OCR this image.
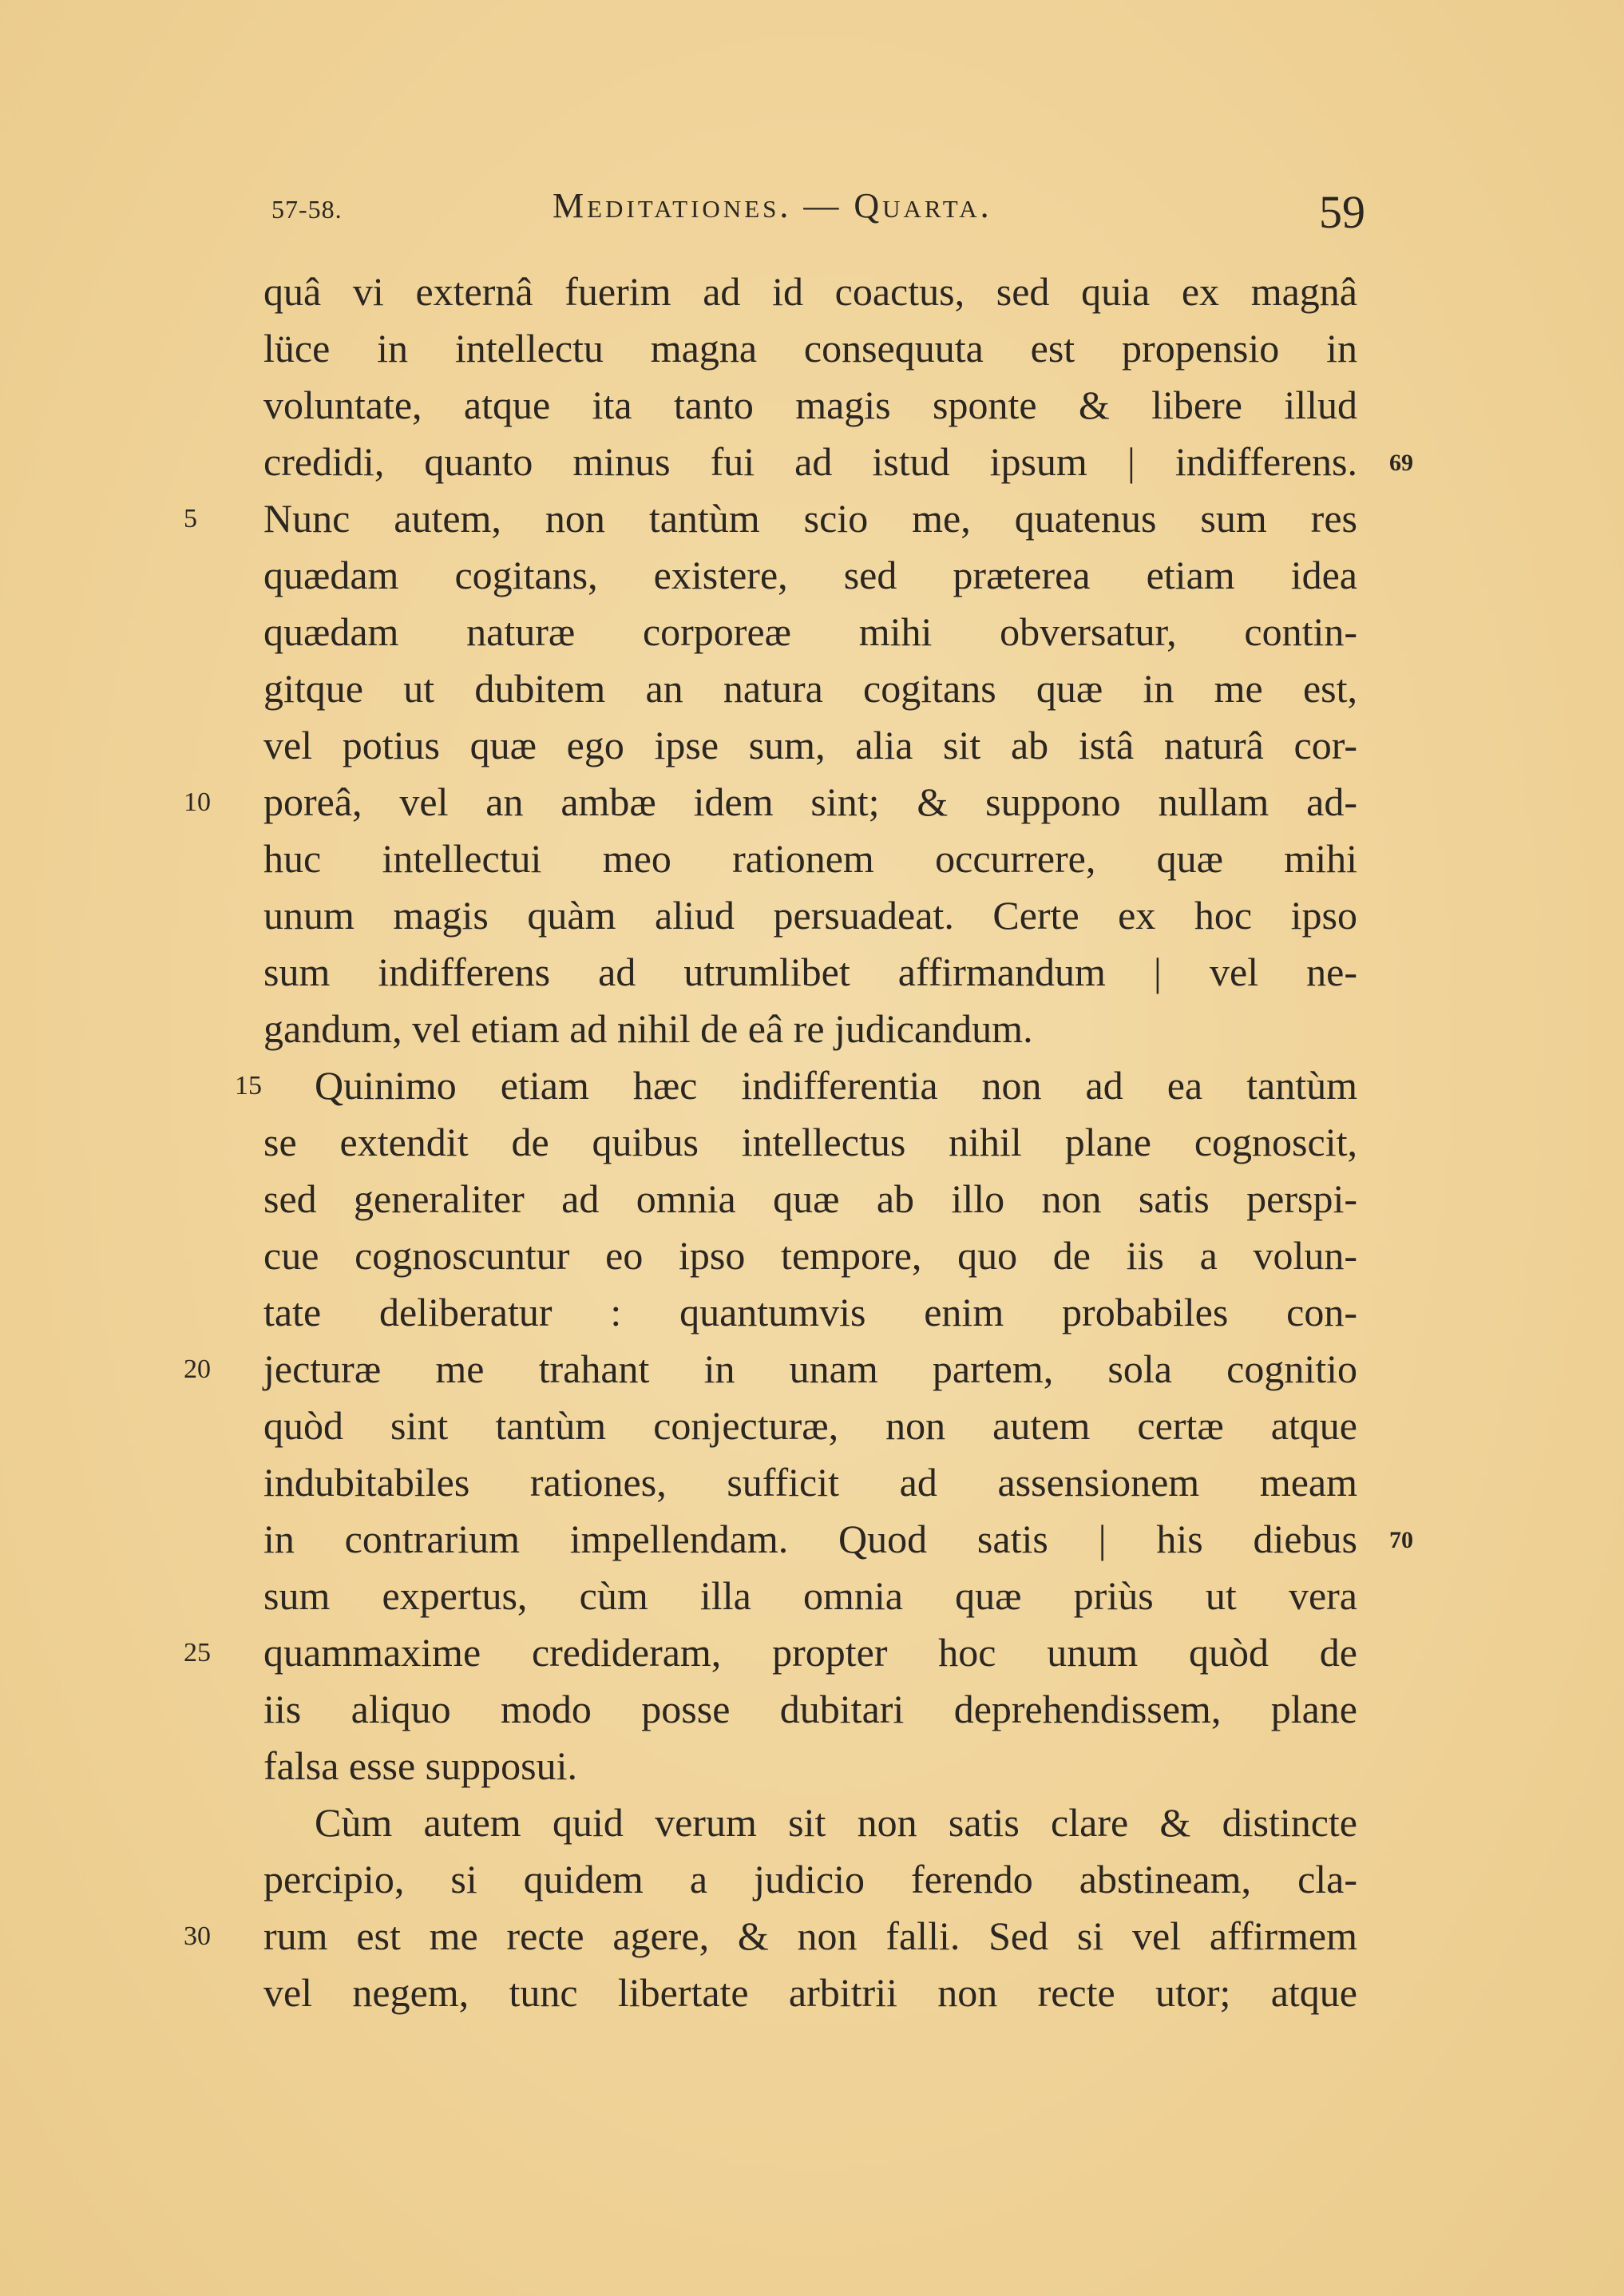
57-58.	Meditationes. — Quarta.	59
quâ vi externâ fuerim ad id coactus, sed quia ex magnâ
lüce in intellectu magna consequuta est propensio in
voluntate, atque ita tanto magis sponte & libere illud
credidi, quanto minus fui ad istud ipsum | indifferens. 69
Nunc autem, non tantùm scio me, quatenus sum res
5
quædam cogitans, existere, sed præterea etiam idea
quædam naturæ corporeæ mihi obversatur, contin-
gitque ut dubitem an natura cogitans quæ in me est,
vel potius quæ ego ipse sum, alia sit ab istâ naturâ cor-
poreâ, vel an ambæ idem sint; & suppono nullam ad-
10
huc intellectui meo rationem occurrere, quæ mihi
unum magis quàm aliud persuadeat. Certe ex hoc ipso
sum indifferens ad utrumlibet affirmandum | vel ne-
gandum, vel etiam ad nihil de eâ re judicandum.
Quinimo etiam hæc indifferentia non ad ea tantùm
15
se extendit de quibus intellectus nihil plane cognoscit,
sed generaliter ad omnia quæ ab illo non satis perspi-
cue cognoscuntur eo ipso tempore, quo de iis a volun-
tate deliberatur : quantumvis enim probabiles con-
jecturæ me trahant in unam partem, sola cognitio
20
quòd sint tantùm conjecturæ, non autem certæ atque
indubitabiles rationes, sufficit ad assensionem meam
in contrarium impellendam. Quod satis | his diebus 70
sum expertus, cùm illa omnia quæ priùs ut vera
quammaxime credideram, propter hoc unum quòd de
25
iis aliquo modo posse dubitari deprehendissem, plane
falsa esse supposui.
Cùm autem quid verum sit non satis clare & distincte
percipio, si quidem a judicio ferendo abstineam, cla-
rum est me recte agere, & non falli. Sed si vel affirmem
30
vel negem, tunc libertate arbitrii non recte utor; atque
